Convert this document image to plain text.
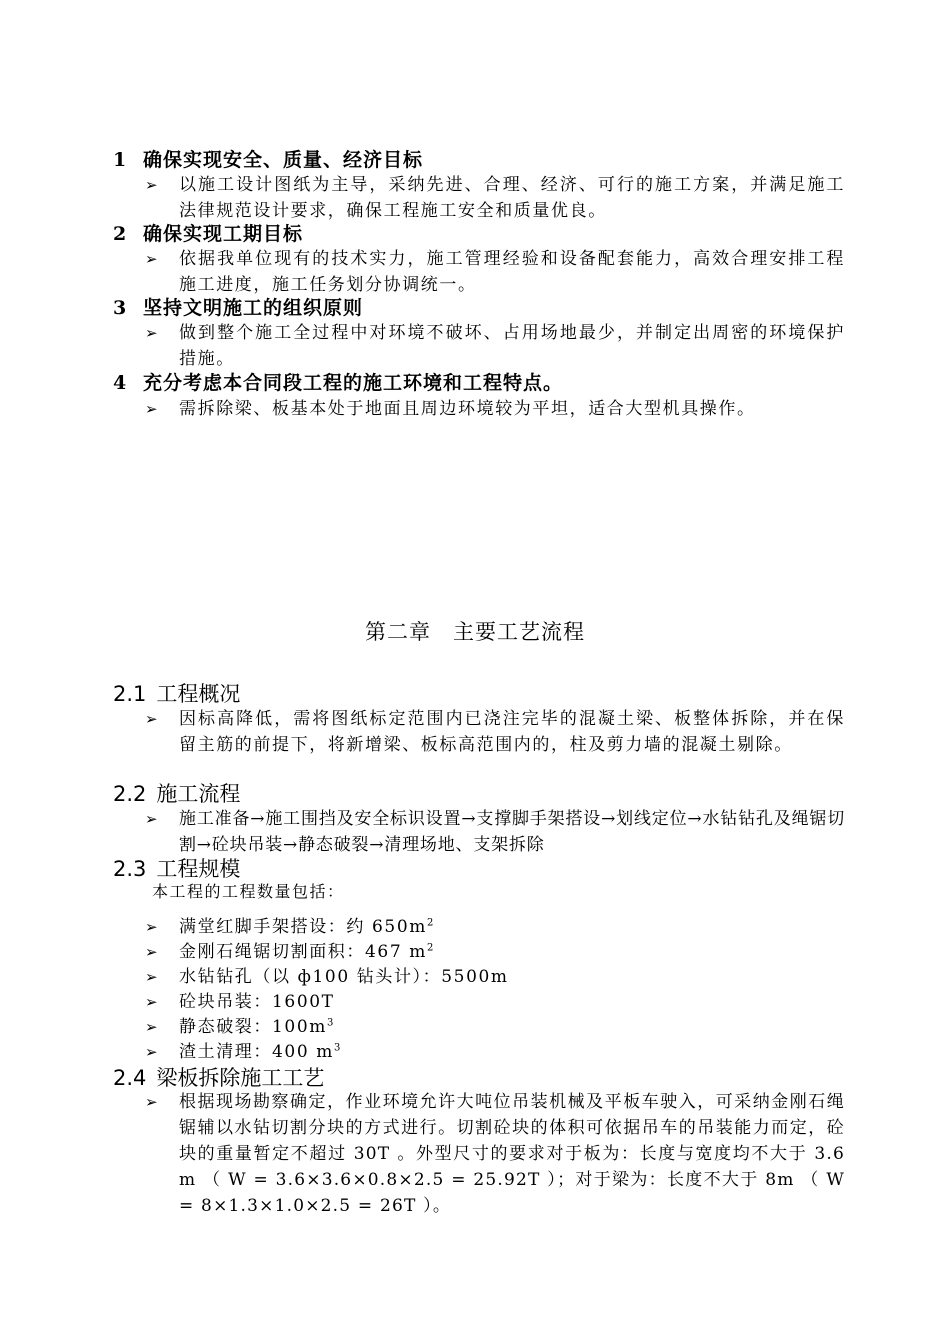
1 确保实现安全、质量、经济目标
➢	以施工设计图纸为主导，采纳先进、合理、经济、可行的施工方案，并满足施工法律规范设计要求，确保工程施工安全和质量优良。
2 确保实现工期目标
➢	依据我单位现有的技术实力，施工管理经验和设备配套能力，高效合理安排工程施工进度，施工任务划分协调统一。
3 坚持文明施工的组织原则
➢	做到整个施工全过程中对环境不破坏、占用场地最少，并制定出周密的环境保护措施。
4 充分考虑本合同段工程的施工环境和工程特点。
➢	需拆除梁、板基本处于地面且周边环境较为平坦，适合大型机具操作。
第二章　主要工艺流程
2.1 工程概况
➢	因标高降低，需将图纸标定范围内已浇注完毕的混凝土梁、板整体拆除，并在保留主筋的前提下，将新增梁、板标高范围内的，柱及剪力墙的混凝土剔除。
2.2 施工流程
➢	施工准备→施工围挡及安全标识设置→支撑脚手架搭设→划线定位→水钻钻孔及绳锯切割→砼块吊装→静态破裂→清理场地、支架拆除
2.3 工程规模
本工程的工程数量包括：
➢	满堂红脚手架搭设：约 $650m^2$
➢	金刚石绳锯切割面积：467 $m^2$
➢	水钻钻孔（以 ф100 钻头计）：5500m
➢	砼块吊装：1600T
➢	静态破裂：$100m^3$
➢	渣土清理：400 $m^3$
2.4 梁板拆除施工工艺
➢	根据现场勘察确定，作业环境允许大吨位吊装机械及平板车驶入，可采纳金刚石绳锯辅以水钻切割分块的方式进行。切割砼块的体积可依据吊车的吊装能力而定，砼块的重量暂定不超过 30T 。外型尺寸的要求对于板为：长度与宽度均不大于 3.6 m （ W = 3.6×3.6×0.8×2.5 = 25.92T ）；对于梁为：长度不大于 8m （ W = 8×1.3×1.0×2.5 = 26T ）。
